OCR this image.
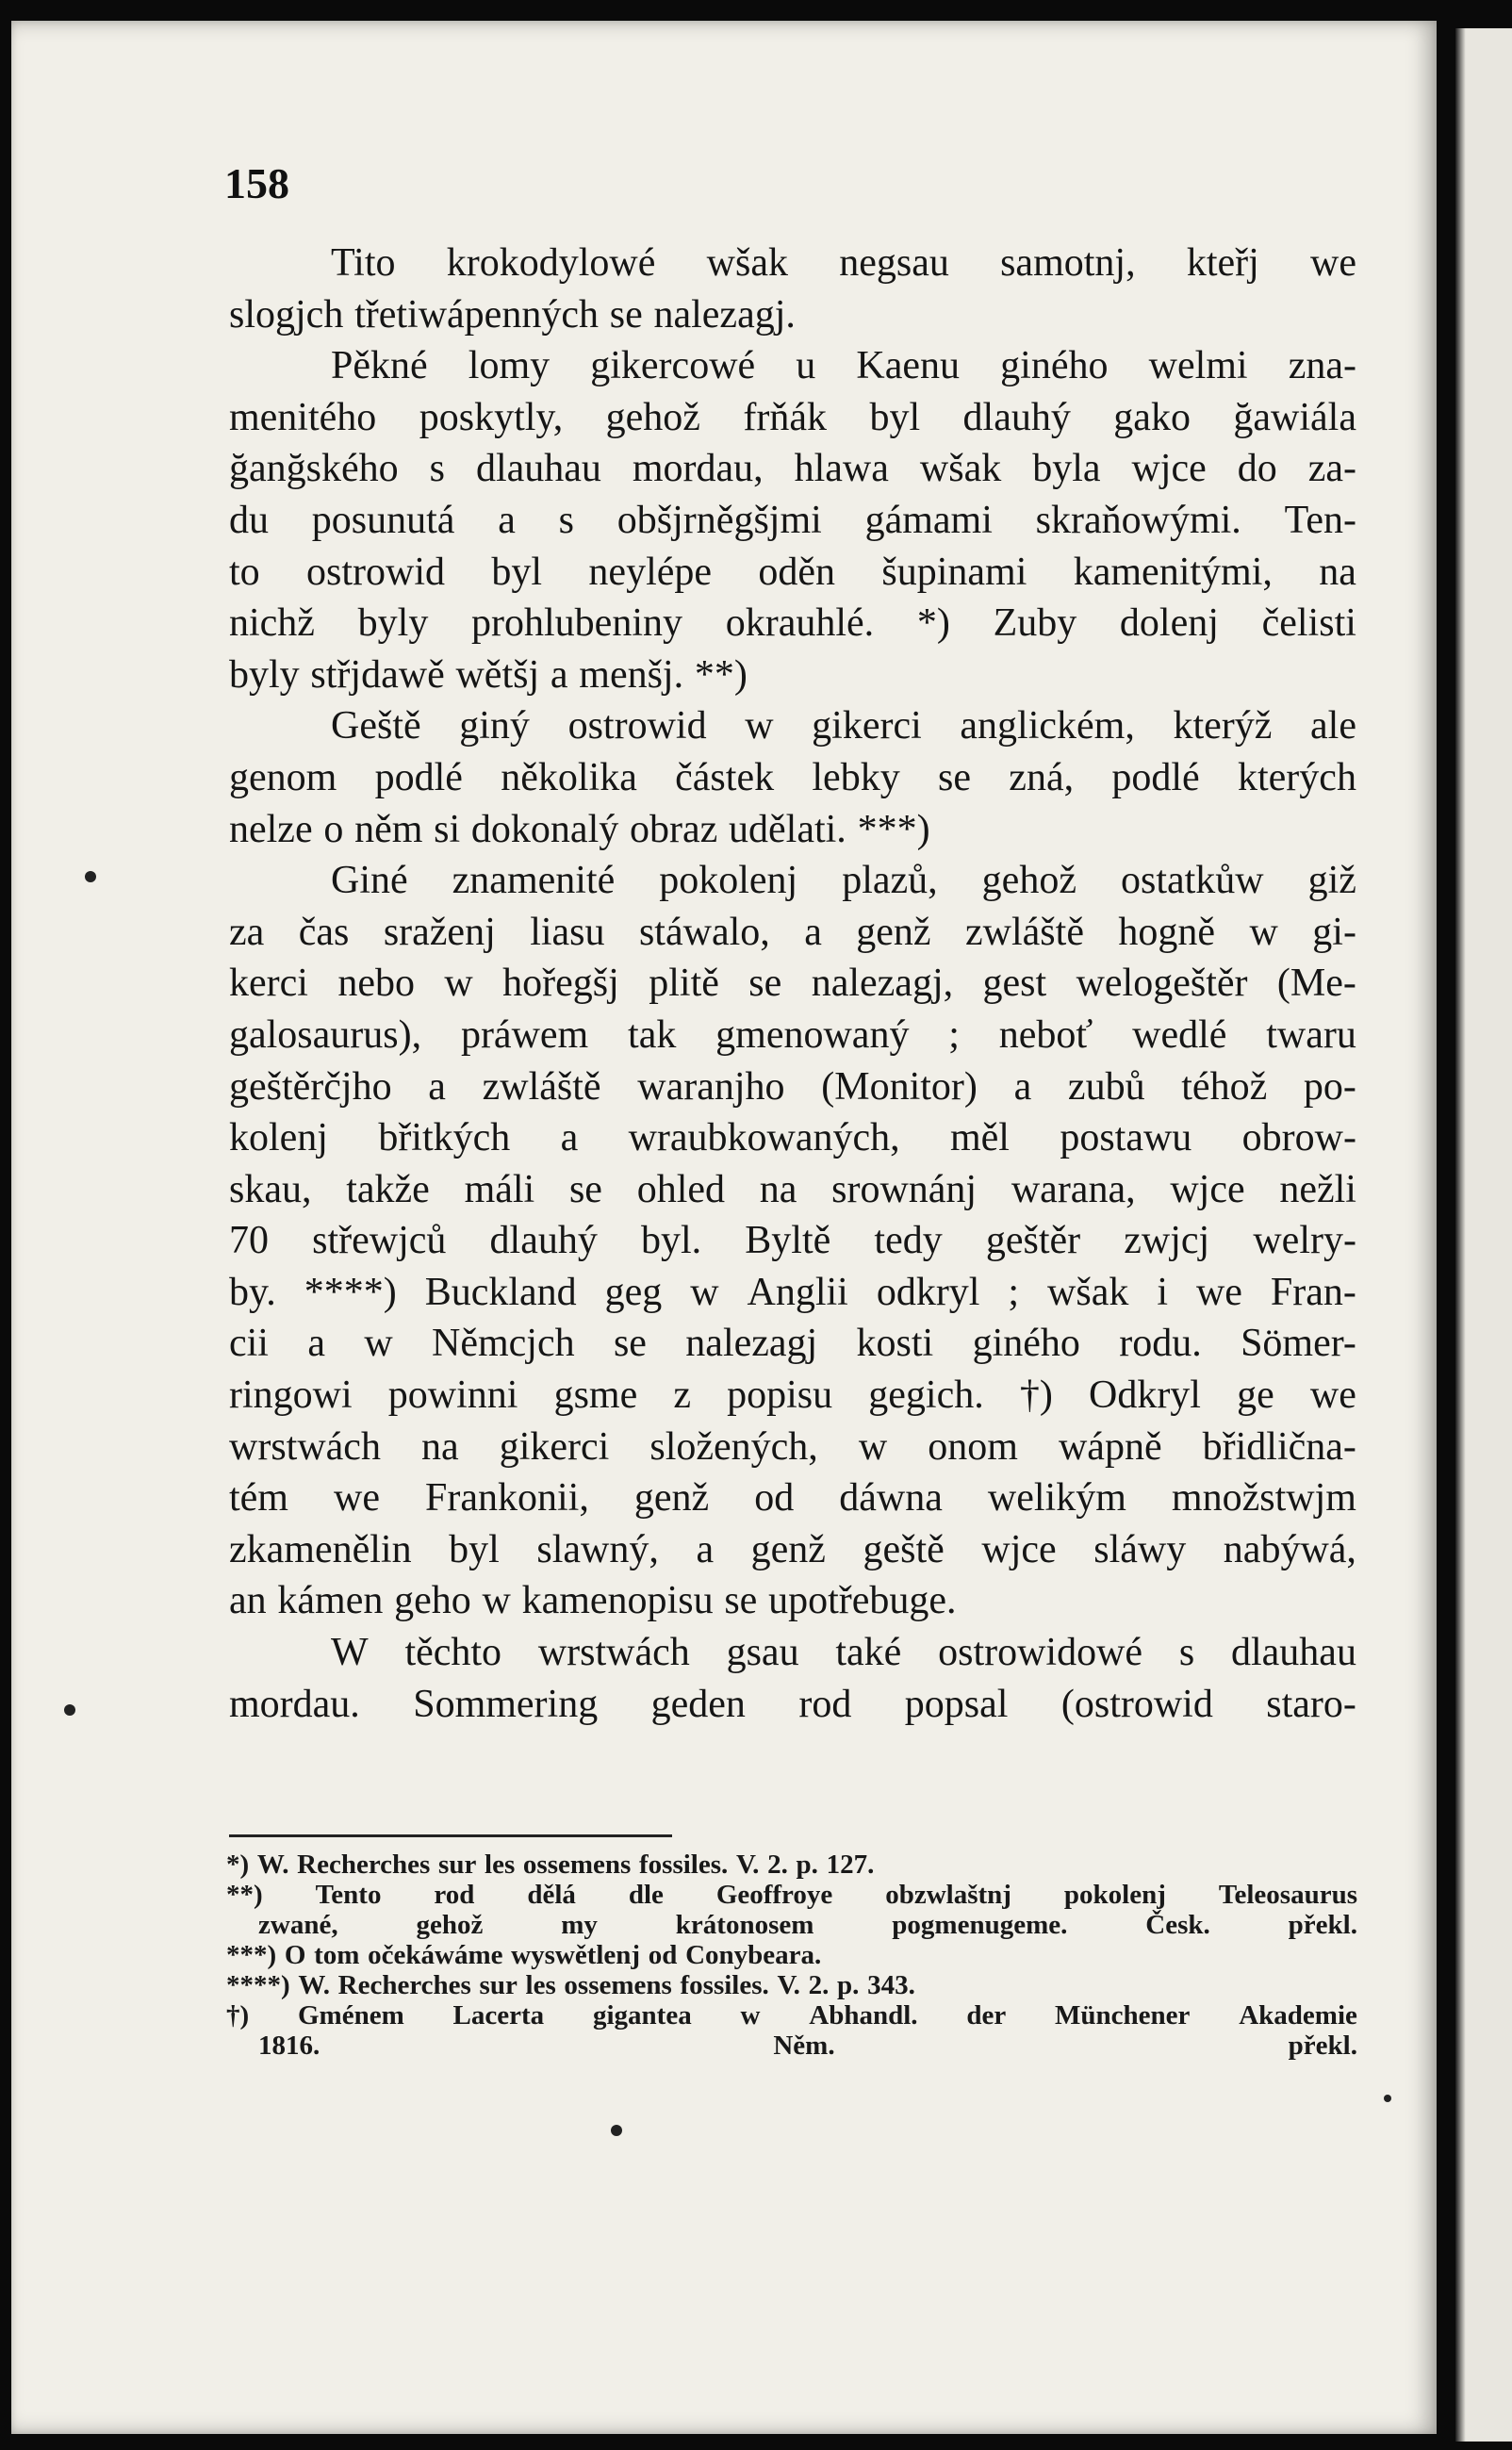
158
Tito krokodylowé wšak negsau samotnj, kteřj we
slogjch třetiwápenných se nalezagj.
Pěkné lomy gikercowé u Kaenu giného welmi zna-
menitého poskytly, gehož frňák byl dlauhý gako ğawiála
ğanğského s dlauhau mordau, hlawa wšak byla wjce do za-
du posunutá a s obšjrněgšjmi gámami skraňowými. Ten-
to ostrowid byl neylépe oděn šupinami kamenitými, na
nichž byly prohlubeniny okrauhlé. *) Zuby dolenj čelisti
byly střjdawě wětšj a menšj. **)
Geště giný ostrowid w gikerci anglickém, kterýž ale
genom podlé několika částek lebky se zná, podlé kterých
nelze o něm si dokonalý obraz udělati. ***)
Giné znamenité pokolenj plazů, gehož ostatkůw giž
za čas sraženj liasu stáwalo, a genž zwláště hogně w gi-
kerci nebo w hořegšj plitě se nalezagj, gest welogeštěr (Me-
galosaurus), práwem tak gmenowaný ; neboť wedlé twaru
geštěrčjho a zwláště waranjho (Monitor) a zubů téhož po-
kolenj břitkých a wraubkowaných, měl postawu obrow-
skau, takže máli se ohled na srownánj warana, wjce nežli
70 střewjců dlauhý byl. Byltě tedy geštěr zwjcj welry-
by. ****) Buckland geg w Anglii odkryl ; wšak i we Fran-
cii a w Němcjch se nalezagj kosti giného rodu. Sömer-
ringowi powinni gsme z popisu gegich. †) Odkryl ge we
wrstwách na gikerci složených, w onom wápně břidlična-
tém we Frankonii, genž od dáwna welikým množstwjm
zkamenělin byl slawný, a genž geště wjce sláwy nabýwá,
an kámen geho w kamenopisu se upotřebuge.
W těchto wrstwách gsau také ostrowidowé s dlauhau
mordau. Sommering geden rod popsal (ostrowid staro-
*) W. Recherches sur les ossemens fossiles. V. 2. p. 127.
**) Tento rod dělá dle Geoffroye obzwlaštnj pokolenj Teleosaurus
zwané,	gehož	my	krátonosem	pogmenugeme.	Česk.	překl.
***) O tom očekáwáme wyswětlenj od Conybeara.
****) W. Recherches sur les ossemens fossiles. V. 2. p. 343.
†) Gménem Lacerta gigantea w Abhandl. der Münchener Akademie
1816.	Něm.	překl.
